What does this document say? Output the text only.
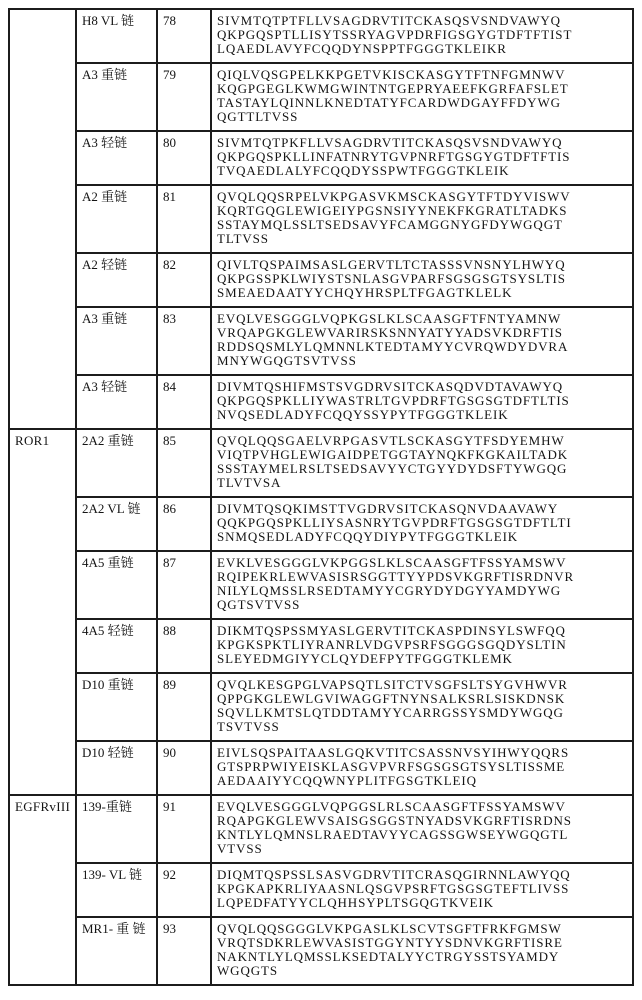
	H8 VL 链	78	SIVMTQTPTFLLVSAGDRVTITCKASQSVSNDVAWYQ
QKPGQSPTLLISYTSSRYAGVPDRFIGSGYGTDFTFTIST
LQAEDLAVYFCQQDYNSPPTFGGGTKLEIKR
	A3 重链	79	QIQLVQSGPELKKPGETVKISCKASGYTFTNFGMNWV
KQGPGEGLKWMGWINTNTGEPRYAEEFKGRFAFSLET
TASTAYLQINNLKNEDTATYFCARDWDGAYFFDYWG
QGTTLTVSS
	A3 轻链	80	SIVMTQTPKFLLVSAGDRVTITCKASQSVSNDVAWYQ
QKPGQSPKLLINFATNRYTGVPNRFTGSGYGTDFTFTIS
TVQAEDLALYFCQQDYSSPWTFGGGTKLEIK
	A2 重链	81	QVQLQQSRPELVKPGASVKMSCKASGYTFTDYVISWV
KQRTGQGLEWIGEIYPGSNSIYYNEKFKGRATLTADKS
SSTAYMQLSSLTSEDSAVYFCAMGGNYGFDYWGQGT
TLTVSS
	A2 轻链	82	QIVLTQSPAIMSASLGERVTLTCTASSSVNSNYLHWYQ
QKPGSSPKLWIYSTSNLASGVPARFSGSGSGTSYSLTIS
SMEAEDAATYYCHQYHRSPLTFGAGTKLELK
	A3 重链	83	EVQLVESGGGLVQPKGSLKLSCAASGFTFNTYAMNW
VRQAPGKGLEWVARIRSKSNNYATYYADSVKDRFTIS
RDDSQSMLYLQMNNLKTEDTAMYYCVRQWDYDVRA
MNYWGQGTSVTVSS
	A3 轻链	84	DIVMTQSHIFMSTSVGDRVSITCKASQDVDTAVAWYQ
QKPGQSPKLLIYWASTRLTGVPDRFTGSGSGTDFTLTIS
NVQSEDLADYFCQQYSSYPYTFGGGTKLEIK
ROR1	2A2 重链	85	QVQLQQSGAELVRPGASVTLSCKASGYTFSDYEMHW
VIQTPVHGLEWIGAIDPETGGTAYNQKFKGKAILTADK
SSSTAYMELRSLTSEDSAVYYCTGYYDYDSFTYWGQG
TLVTVSA
	2A2 VL 链	86	DIVMTQSQKIMSTTVGDRVSITCKASQNVDAAVAWY
QQKPGQSPKLLIYSASNRYTGVPDRFTGSGSGTDFTLTI
SNMQSEDLADYFCQQYDIYPYTFGGGTKLEIK
	4A5 重链	87	EVKLVESGGGLVKPGGSLKLSCAASGFTFSSYAMSWV
RQIPEKRLEWVASISRSGGTTYYPDSVKGRFTISRDNVR
NILYLQMSSLRSEDTAMYYCGRYDYDGYYAMDYWG
QGTSVTVSS
	4A5 轻链	88	DIKMTQSPSSMYASLGERVTITCKASPDINSYLSWFQQ
KPGKSPKTLIYRANRLVDGVPSRFSGGGSGQDYSLTIN
SLEYEDMGIYYCLQYDEFPYTFGGGTKLEMK
	D10 重链	89	QVQLKESGPGLVAPSQTLSITCTVSGFSLTSYGVHWVR
QPPGKGLEWLGVIWAGGFTNYNSALKSRLSISKDNSK
SQVLLKMTSLQTDDTAMYYCARRGSSYSMDYWGQG
TSVTVSS
	D10 轻链	90	EIVLSQSPAITAASLGQKVTITCSASSNVSYIHWYQQRS
GTSPRPWIYEISKLASGVPVRFSGSGSGTSYSLTISSME
AEDAAIYYCQQWNYPLITFGSGTKLEIQ
EGFRvIII	139-重链	91	EVQLVESGGGLVQPGGSLRLSCAASGFTFSSYAMSWV
RQAPGKGLEWVSAISGSGGSTNYADSVKGRFTISRDNS
KNTLYLQMNSLRAEDTAVYYCAGSSGWSEYWGQGTL
VTVSS
	139- VL 链	92	DIQMTQSPSSLSASVGDRVTITCRASQGIRNNLAWYQQ
KPGKAPKRLIYAASNLQSGVPSRFTGSGSGTEFTLIVSS
LQPEDFATYYCLQHHSYPLTSGQGTKVEIK
	MR1- 重 链	93	QVQLQQSGGGLVKPGASLKLSCVTSGFTFRKFGMSW
VRQTSDKRLEWVASISTGGYNTYYSDNVKGRFTISRE
NAKNTLYLQMSSLKSEDTALYYCTRGYSSTSYAMDY
WGQGTS
